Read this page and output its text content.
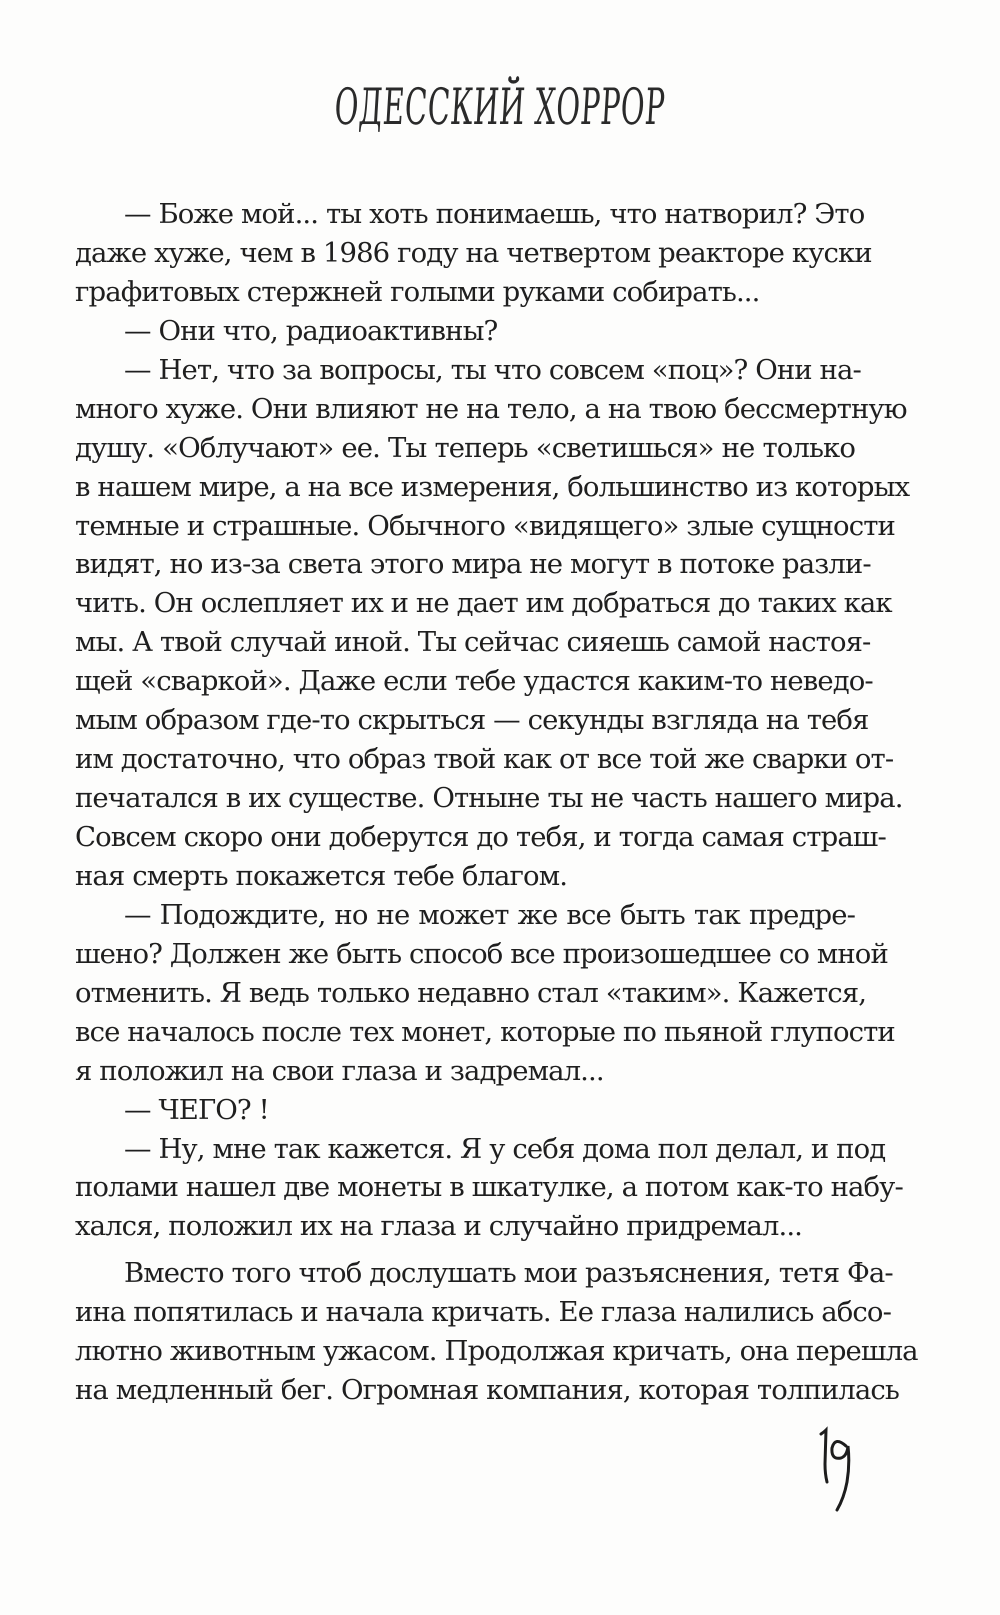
ОДЕССКИЙ ХОРРОР
— Боже мой... ты хоть понимаешь, что натворил? Это
даже хуже, чем в 1986 году на четвертом реакторе куски
графитовых стержней голыми руками собирать...
— Они что, радиоактивны?
— Нет, что за вопросы, ты что совсем «поц»? Они на-
много хуже. Они влияют не на тело, а на твою бессмертную
душу. «Облучают» ее. Ты теперь «светишься» не только
в нашем мире, а на все измерения, большинство из которых
темные и страшные. Обычного «видящего» злые сущности
видят, но из-за света этого мира не могут в потоке разли-
чить. Он ослепляет их и не дает им добраться до таких как
мы. А твой случай иной. Ты сейчас сияешь самой настоя-
щей «сваркой». Даже если тебе удастся каким-то неведо-
мым образом где-то скрыться — секунды взгляда на тебя
им достаточно, что образ твой как от все той же сварки от-
печатался в их существе. Отныне ты не часть нашего мира.
Совсем скоро они доберутся до тебя, и тогда самая страш-
ная смерть покажется тебе благом.
— Подождите, но не может же все быть так предре-
шено? Должен же быть способ все произошедшее со мной
отменить. Я ведь только недавно стал «таким». Кажется,
все началось после тех монет, которые по пьяной глупости
я положил на свои глаза и задремал...
— ЧЕГО? !
— Ну, мне так кажется. Я у себя дома пол делал, и под
полами нашел две монеты в шкатулке, а потом как-то набу-
хался, положил их на глаза и случайно придремал...
Вместо того чтоб дослушать мои разъяснения, тетя Фа-
ина попятилась и начала кричать. Ее глаза налились абсо-
лютно животным ужасом. Продолжая кричать, она перешла
на медленный бег. Огромная компания, которая толпилась
